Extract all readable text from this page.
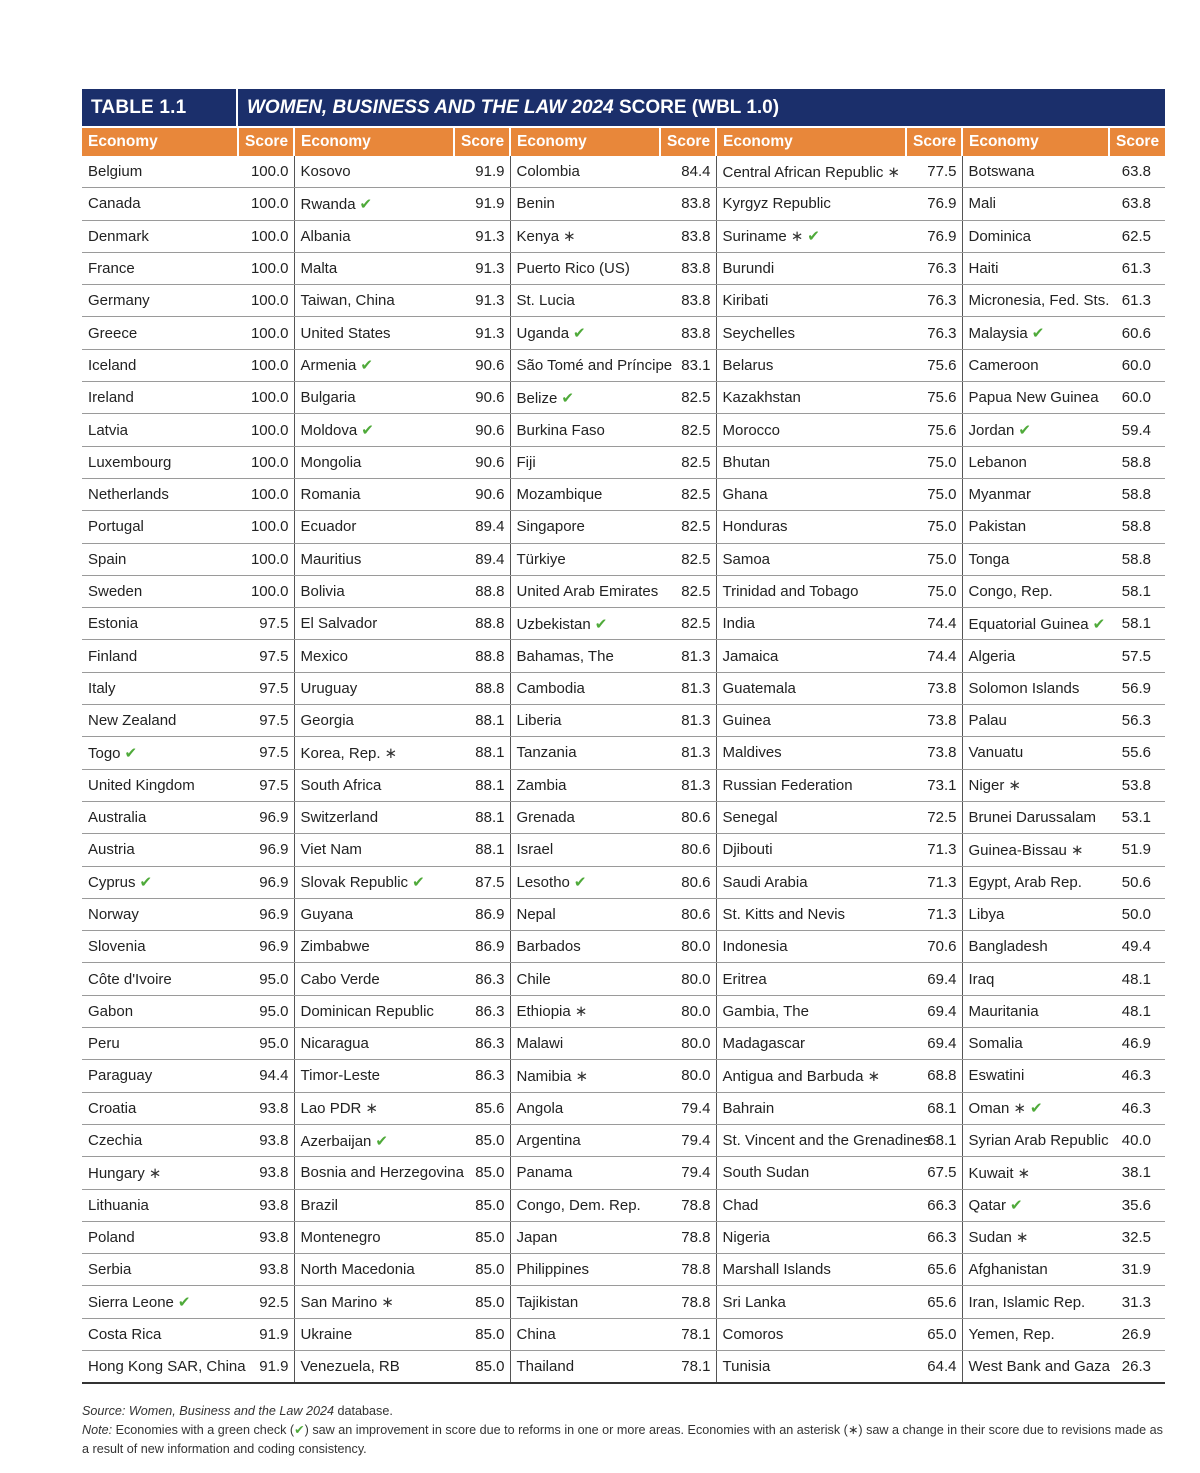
TABLE 1.1	WOMEN, BUSINESS AND THE LAW 2024 SCORE (WBL 1.0)
Economy	Score	Economy	Score	Economy	Score	Economy	Score	Economy	Score
Belgium	100.0	Kosovo	91.9	Colombia	84.4	Central African Republic ∗	77.5	Botswana	63.8
Canada	100.0	Rwanda ✔	91.9	Benin	83.8	Kyrgyz Republic	76.9	Mali	63.8
Denmark	100.0	Albania	91.3	Kenya ∗	83.8	Suriname ∗ ✔	76.9	Dominica	62.5
France	100.0	Malta	91.3	Puerto Rico (US)	83.8	Burundi	76.3	Haiti	61.3
Germany	100.0	Taiwan, China	91.3	St. Lucia	83.8	Kiribati	76.3	Micronesia, Fed. Sts.	61.3
Greece	100.0	United States	91.3	Uganda ✔	83.8	Seychelles	76.3	Malaysia ✔	60.6
Iceland	100.0	Armenia ✔	90.6	São Tomé and Príncipe	83.1	Belarus	75.6	Cameroon	60.0
Ireland	100.0	Bulgaria	90.6	Belize ✔	82.5	Kazakhstan	75.6	Papua New Guinea	60.0
Latvia	100.0	Moldova ✔	90.6	Burkina Faso	82.5	Morocco	75.6	Jordan ✔	59.4
Luxembourg	100.0	Mongolia	90.6	Fiji	82.5	Bhutan	75.0	Lebanon	58.8
Netherlands	100.0	Romania	90.6	Mozambique	82.5	Ghana	75.0	Myanmar	58.8
Portugal	100.0	Ecuador	89.4	Singapore	82.5	Honduras	75.0	Pakistan	58.8
Spain	100.0	Mauritius	89.4	Türkiye	82.5	Samoa	75.0	Tonga	58.8
Sweden	100.0	Bolivia	88.8	United Arab Emirates	82.5	Trinidad and Tobago	75.0	Congo, Rep.	58.1
Estonia	97.5	El Salvador	88.8	Uzbekistan ✔	82.5	India	74.4	Equatorial Guinea ✔	58.1
Finland	97.5	Mexico	88.8	Bahamas, The	81.3	Jamaica	74.4	Algeria	57.5
Italy	97.5	Uruguay	88.8	Cambodia	81.3	Guatemala	73.8	Solomon Islands	56.9
New Zealand	97.5	Georgia	88.1	Liberia	81.3	Guinea	73.8	Palau	56.3
Togo ✔	97.5	Korea, Rep. ∗	88.1	Tanzania	81.3	Maldives	73.8	Vanuatu	55.6
United Kingdom	97.5	South Africa	88.1	Zambia	81.3	Russian Federation	73.1	Niger ∗	53.8
Australia	96.9	Switzerland	88.1	Grenada	80.6	Senegal	72.5	Brunei Darussalam	53.1
Austria	96.9	Viet Nam	88.1	Israel	80.6	Djibouti	71.3	Guinea-Bissau ∗	51.9
Cyprus ✔	96.9	Slovak Republic ✔	87.5	Lesotho ✔	80.6	Saudi Arabia	71.3	Egypt, Arab Rep.	50.6
Norway	96.9	Guyana	86.9	Nepal	80.6	St. Kitts and Nevis	71.3	Libya	50.0
Slovenia	96.9	Zimbabwe	86.9	Barbados	80.0	Indonesia	70.6	Bangladesh	49.4
Côte d'Ivoire	95.0	Cabo Verde	86.3	Chile	80.0	Eritrea	69.4	Iraq	48.1
Gabon	95.0	Dominican Republic	86.3	Ethiopia ∗	80.0	Gambia, The	69.4	Mauritania	48.1
Peru	95.0	Nicaragua	86.3	Malawi	80.0	Madagascar	69.4	Somalia	46.9
Paraguay	94.4	Timor-Leste	86.3	Namibia ∗	80.0	Antigua and Barbuda ∗	68.8	Eswatini	46.3
Croatia	93.8	Lao PDR ∗	85.6	Angola	79.4	Bahrain	68.1	Oman ∗ ✔	46.3
Czechia	93.8	Azerbaijan ✔	85.0	Argentina	79.4	St. Vincent and the Grenadines	68.1	Syrian Arab Republic	40.0
Hungary ∗	93.8	Bosnia and Herzegovina	85.0	Panama	79.4	South Sudan	67.5	Kuwait ∗	38.1
Lithuania	93.8	Brazil	85.0	Congo, Dem. Rep.	78.8	Chad	66.3	Qatar ✔	35.6
Poland	93.8	Montenegro	85.0	Japan	78.8	Nigeria	66.3	Sudan ∗	32.5
Serbia	93.8	North Macedonia	85.0	Philippines	78.8	Marshall Islands	65.6	Afghanistan	31.9
Sierra Leone ✔	92.5	San Marino ∗	85.0	Tajikistan	78.8	Sri Lanka	65.6	Iran, Islamic Rep.	31.3
Costa Rica	91.9	Ukraine	85.0	China	78.1	Comoros	65.0	Yemen, Rep.	26.9
Hong Kong SAR, China	91.9	Venezuela, RB	85.0	Thailand	78.1	Tunisia	64.4	West Bank and Gaza	26.3
Source: Women, Business and the Law 2024 database.
Note: Economies with a green check (✔) saw an improvement in score due to reforms in one or more areas. Economies with an asterisk (∗) saw a change in their score due to revisions made as a result of new information and coding consistency.
